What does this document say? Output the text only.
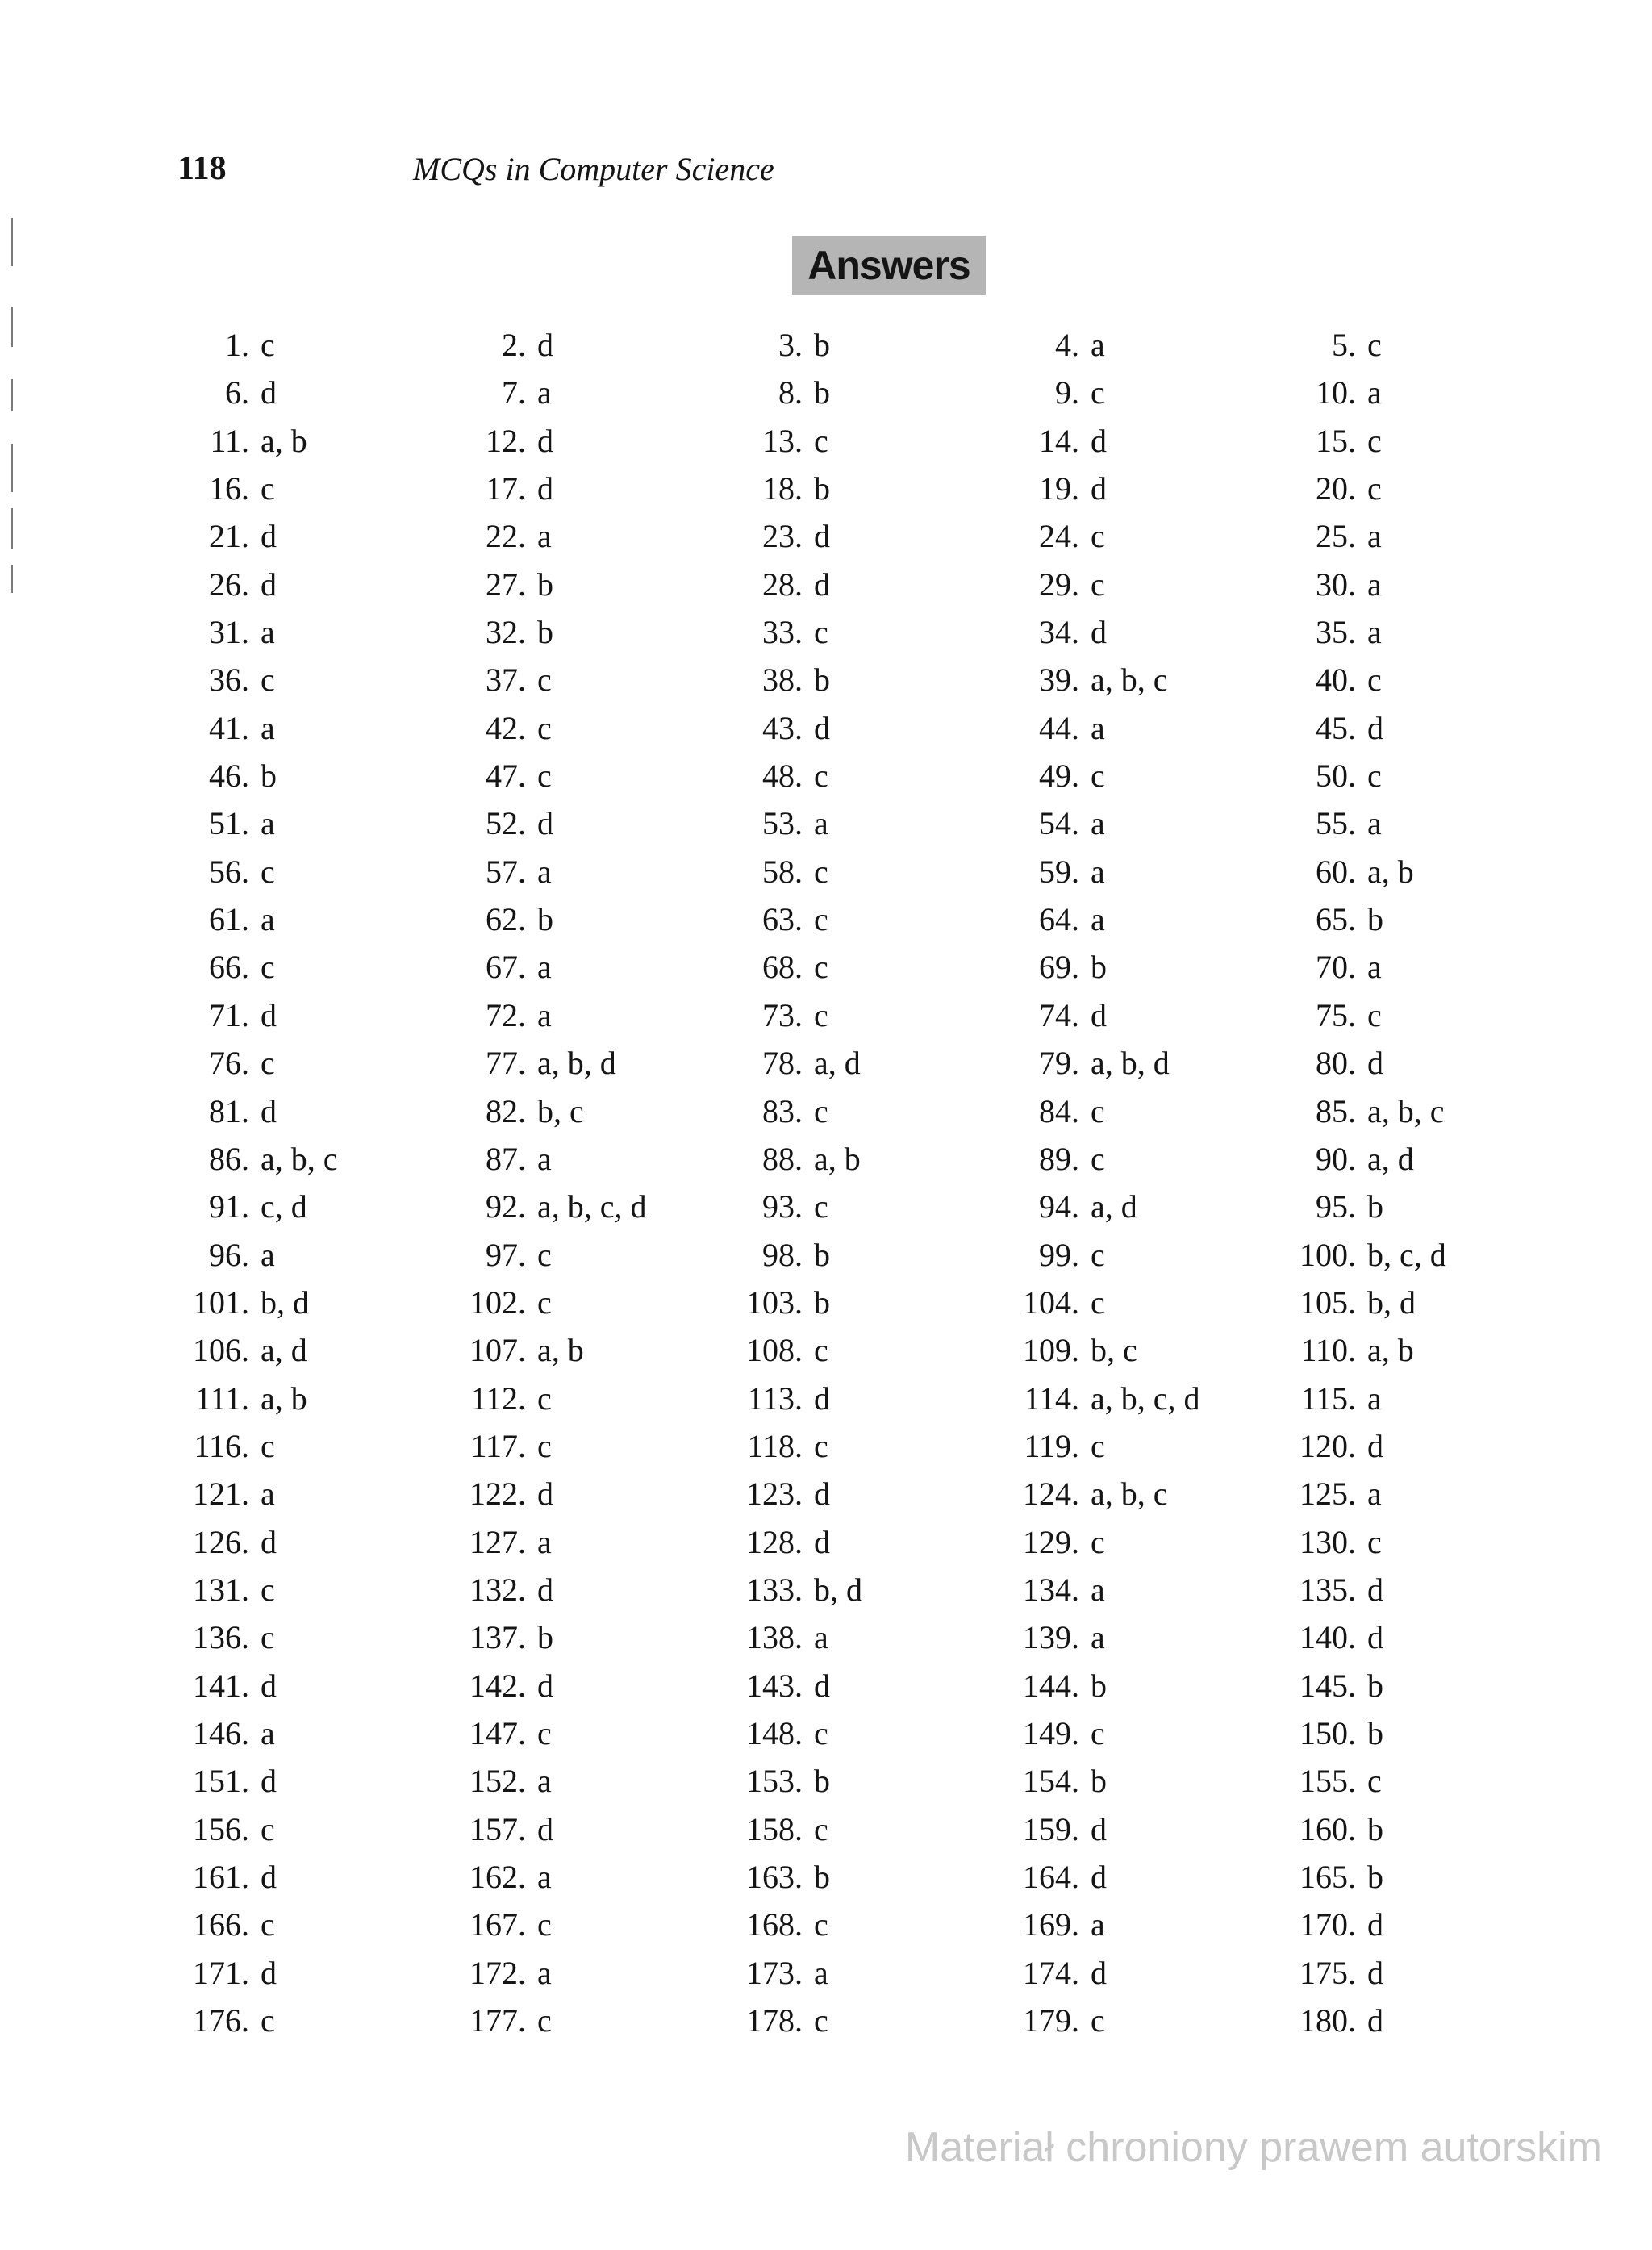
118	MCQs in Computer Science
Answers
1. c	2. d	3. b	4. a	5. c
6. d	7. a	8. b	9. c	10. a
11. a, b	12. d	13. c	14. d	15. c
16. c	17. d	18. b	19. d	20. c
21. d	22. a	23. d	24. c	25. a
26. d	27. b	28. d	29. c	30. a
31. a	32. b	33. c	34. d	35. a
36. c	37. c	38. b	39. a, b, c	40. c
41. a	42. c	43. d	44. a	45. d
46. b	47. c	48. c	49. c	50. c
51. a	52. d	53. a	54. a	55. a
56. c	57. a	58. c	59. a	60. a, b
61. a	62. b	63. c	64. a	65. b
66. c	67. a	68. c	69. b	70. a
71. d	72. a	73. c	74. d	75. c
76. c	77. a, b, d	78. a, d	79. a, b, d	80. d
81. d	82. b, c	83. c	84. c	85. a, b, c
86. a, b, c	87. a	88. a, b	89. c	90. a, d
91. c, d	92. a, b, c, d	93. c	94. a, d	95. b
96. a	97. c	98. b	99. c	100. b, c, d
101. b, d	102. c	103. b	104. c	105. b, d
106. a, d	107. a, b	108. c	109. b, c	110. a, b
111. a, b	112. c	113. d	114. a, b, c, d	115. a
116. c	117. c	118. c	119. c	120. d
121. a	122. d	123. d	124. a, b, c	125. a
126. d	127. a	128. d	129. c	130. c
131. c	132. d	133. b, d	134. a	135. d
136. c	137. b	138. a	139. a	140. d
141. d	142. d	143. d	144. b	145. b
146. a	147. c	148. c	149. c	150. b
151. d	152. a	153. b	154. b	155. c
156. c	157. d	158. c	159. d	160. b
161. d	162. a	163. b	164. d	165. b
166. c	167. c	168. c	169. a	170. d
171. d	172. a	173. a	174. d	175. d
176. c	177. c	178. c	179. c	180. d
Materiał chroniony prawem autorskim
